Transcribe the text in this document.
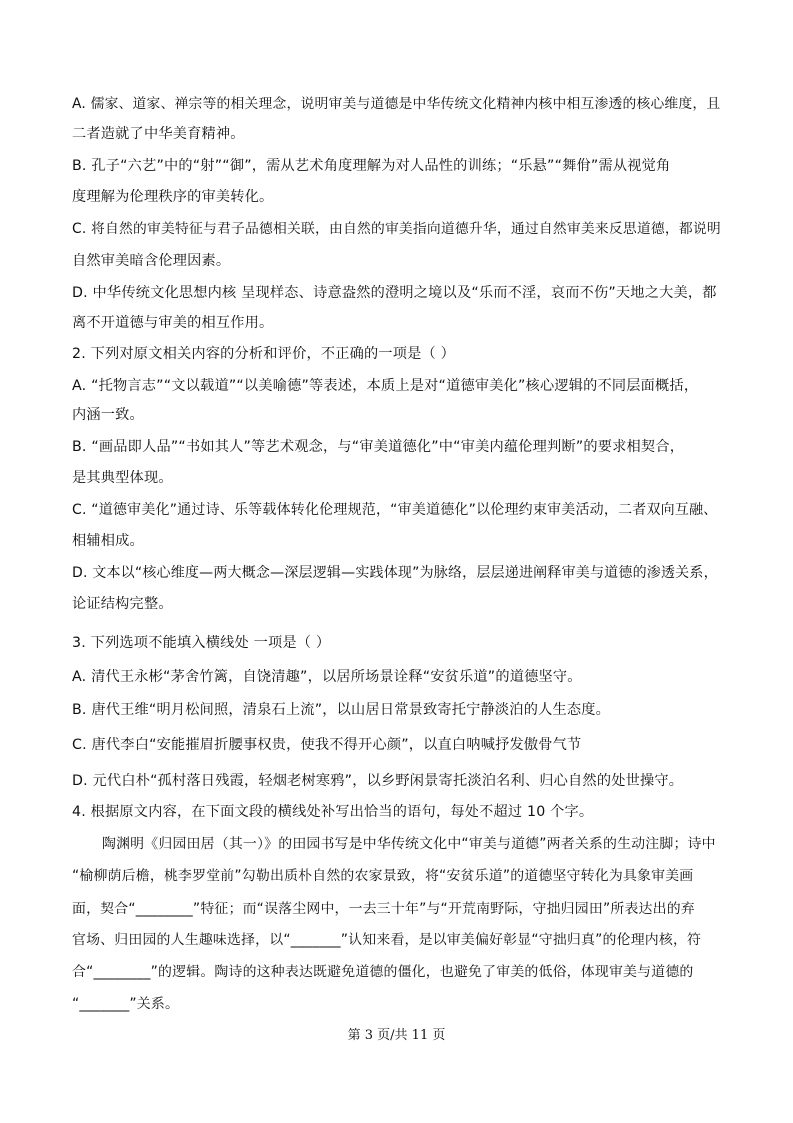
A. 儒家、道家、禅宗等的相关理念，说明审美与道德是中华传统文化精神内核中相互渗透的核心维度，且
二者造就了中华美育精神。
B. 孔子“六艺”中的“射”“御”，需从艺术角度理解为对人品性的训练；“乐悬”“舞佾”需从视觉角
度理解为伦理秩序的审美转化。
C. 将自然的审美特征与君子品德相关联，由自然的审美指向道德升华，通过自然审美来反思道德，都说明
自然审美暗含伦理因素。
D. 中华传统文化思想内核 呈现样态、诗意盎然的澄明之境以及“乐而不淫，哀而不伤”天地之大美，都
离不开道德与审美的相互作用。
2. 下列对原文相关内容的分析和评价，不正确的一项是（ ）
A. “托物言志”“文以载道”“以美喻德”等表述，本质上是对“道德审美化”核心逻辑的不同层面概括，
内涵一致。
B. “画品即人品”“书如其人”等艺术观念，与“审美道德化”中“审美内蕴伦理判断”的要求相契合，
是其典型体现。
C. “道德审美化”通过诗、乐等载体转化伦理规范，“审美道德化”以伦理约束审美活动，二者双向互融、
相辅相成。
D. 文本以“核心维度—两大概念—深层逻辑—实践体现”为脉络，层层递进阐释审美与道德的渗透关系，
论证结构完整。
3. 下列选项不能填入横线处 一项是（ ）
A. 清代王永彬“茅舍竹篱，自饶清趣”，以居所场景诠释“安贫乐道”的道德坚守。
B. 唐代王维“明月松间照，清泉石上流”，以山居日常景致寄托宁静淡泊的人生态度。
C. 唐代李白“安能摧眉折腰事权贵，使我不得开心颜”，以直白呐喊抒发傲骨气节
D. 元代白朴“孤村落日残霞，轻烟老树寒鸦”，以乡野闲景寄托淡泊名利、归心自然的处世操守。
4. 根据原文内容，在下面文段的横线处补写出恰当的语句，每处不超过 10 个字。
陶渊明《归园田居（其一）》的田园书写是中华传统文化中“审美与道德”两者关系的生动注脚；诗中
“榆柳荫后檐，桃李罗堂前”勾勒出质朴自然的农家景致，将“安贫乐道”的道德坚守转化为具象审美画
面，契合“________”特征；而“误落尘网中，一去三十年”与“开荒南野际，守拙归园田”所表达出的弃
官场、归田园的人生趣味选择，以“_______”认知来看，是以审美偏好彰显“守拙归真”的伦理内核，符
合“________”的逻辑。陶诗的这种表达既避免道德的僵化，也避免了审美的低俗，体现审美与道德的
“_______”关系。
第 3 页/共 11 页
